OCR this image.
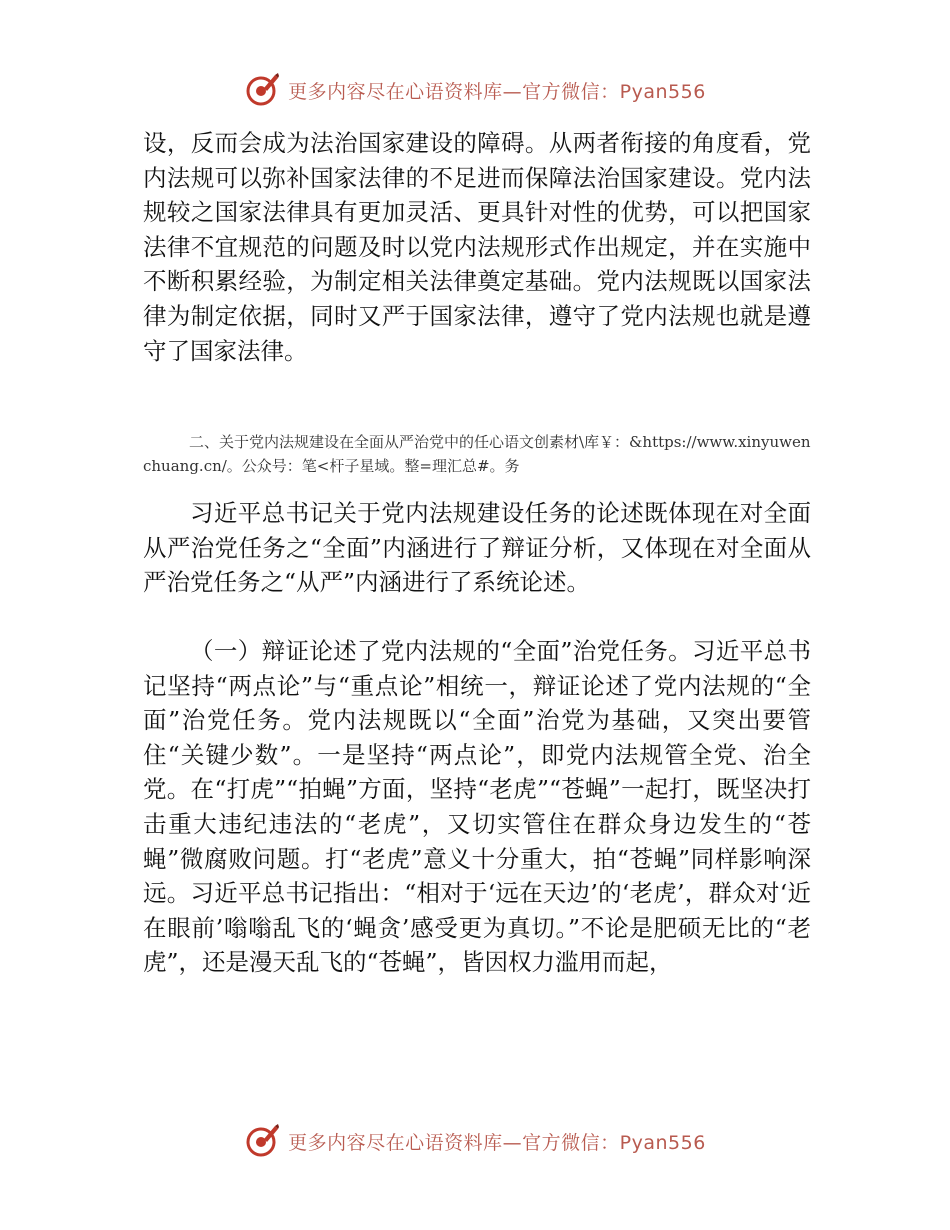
更多内容尽在心语资料库—官方微信：Pyan556

设，反而会成为法治国家建设的障碍。从两者衔接的角度看，党内法规可以弥补国家法律的不足进而保障法治国家建设。党内法规较之国家法律具有更加灵活、更具针对性的优势，可以把国家法律不宜规范的问题及时以党内法规形式作出规定，并在实施中不断积累经验，为制定相关法律奠定基础。党内法规既以国家法律为制定依据，同时又严于国家法律，遵守了党内法规也就是遵守了国家法律。

二、关于党内法规建设在全面从严治党中的任心语文创素材\库￥：&https://www.xinyuwenchuang.cn/。公众号：笔<杆子星域。整=理汇总#。务

习近平总书记关于党内法规建设任务的论述既体现在对全面从严治党任务之“全面”内涵进行了辩证分析，又体现在对全面从严治党任务之“从严”内涵进行了系统论述。

（一）辩证论述了党内法规的“全面”治党任务。习近平总书记坚持“两点论”与“重点论”相统一，辩证论述了党内法规的“全面”治党任务。党内法规既以“全面”治党为基础，又突出要管住“关键少数”。一是坚持“两点论”，即党内法规管全党、治全党。在“打虎”“拍蝇”方面，坚持“老虎”“苍蝇”一起打，既坚决打击重大违纪违法的“老虎”，又切实管住在群众身边发生的“苍蝇”微腐败问题。打“老虎”意义十分重大，拍“苍蝇”同样影响深远。习近平总书记指出：“相对于‘远在天边’的‘老虎’，群众对‘近在眼前’嗡嗡乱飞的‘蝇贪’感受更为真切。”不论是肥硕无比的“老虎”，还是漫天乱飞的“苍蝇”，皆因权力滥用而起，

更多内容尽在心语资料库—官方微信：Pyan556
